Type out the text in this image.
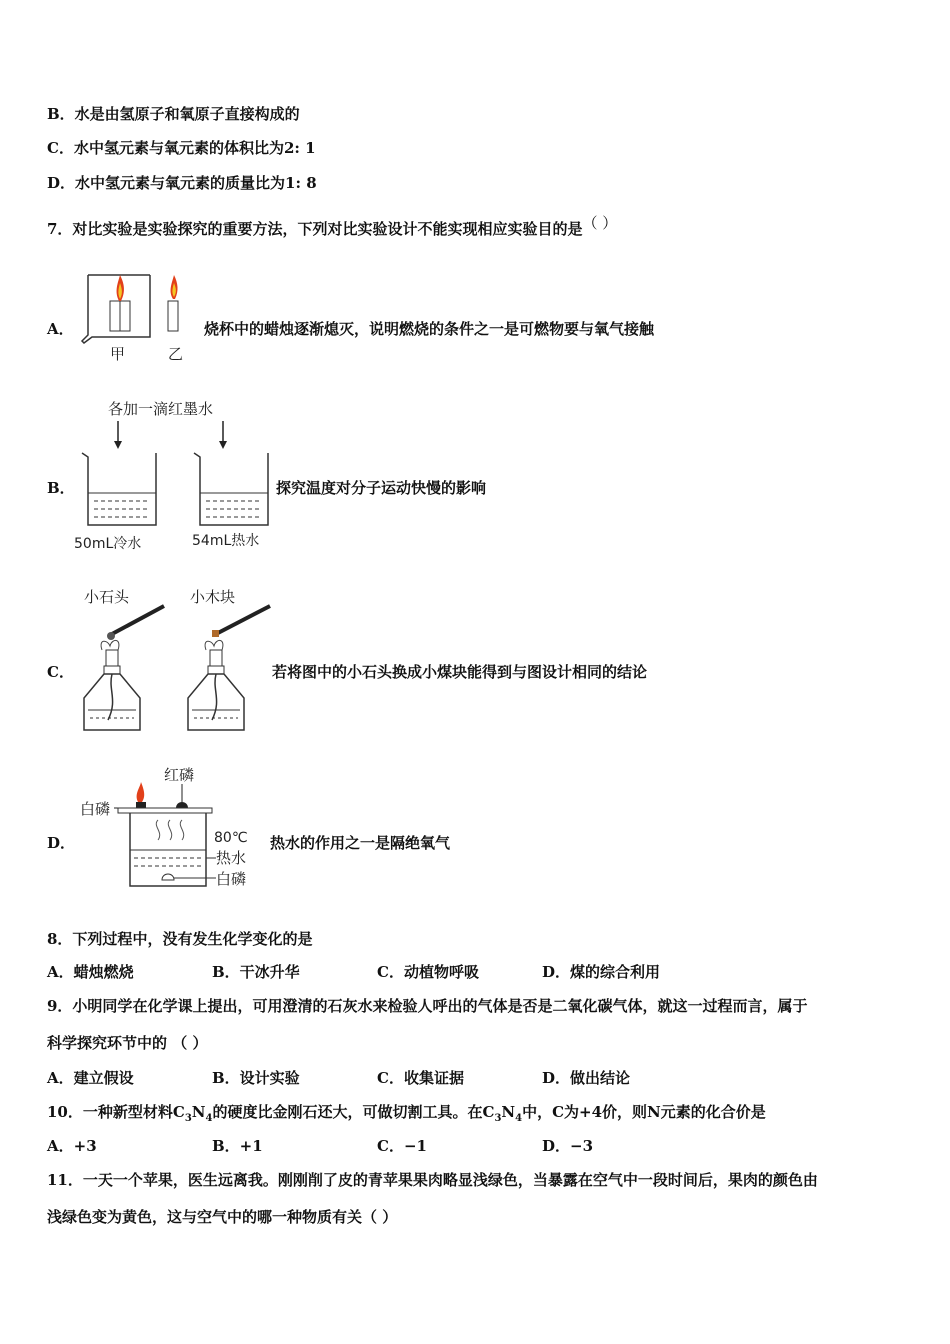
B．水是由氢原子和氧原子直接构成的
C．水中氢元素与氧元素的体积比为2: 1
D．水中氢元素与氧元素的质量比为1: 8
7．对比实验是实验探究的重要方法，下列对比实验设计不能实现相应实验目的是（ ）
A．
甲	乙
烧杯中的蜡烛逐渐熄灭，说明燃烧的条件之一是可燃物要与氧气接触
B．
各加一滴红墨水
50mL冷水	54mL热水
探究温度对分子运动快慢的影响
C．
小石头	小木块
若将图中的小石头换成小煤块能得到与图设计相同的结论
D．
红磷
白磷
80℃
热水
白磷
热水的作用之一是隔绝氧气
8．下列过程中，没有发生化学变化的是
A．蜡烛燃烧	B．干冰升华	C．动植物呼吸	D．煤的综合利用
9．小明同学在化学课上提出，可用澄清的石灰水来检验人呼出的气体是否是二氧化碳气体，就这一过程而言，属于
科学探究环节中的 （ ）
A．建立假设	B．设计实验	C．收集证据	D．做出结论
10．一种新型材料$C_3N_4$的硬度比金刚石还大，可做切割工具。在$C_3N_4$中，C为+4价，则N元素的化合价是
A．+3	B．+1	C．−1	D．−3
11．一天一个苹果，医生远离我。刚刚削了皮的青苹果果肉略显浅绿色，当暴露在空气中一段时间后，果肉的颜色由
浅绿色变为黄色，这与空气中的哪一种物质有关（ ）
